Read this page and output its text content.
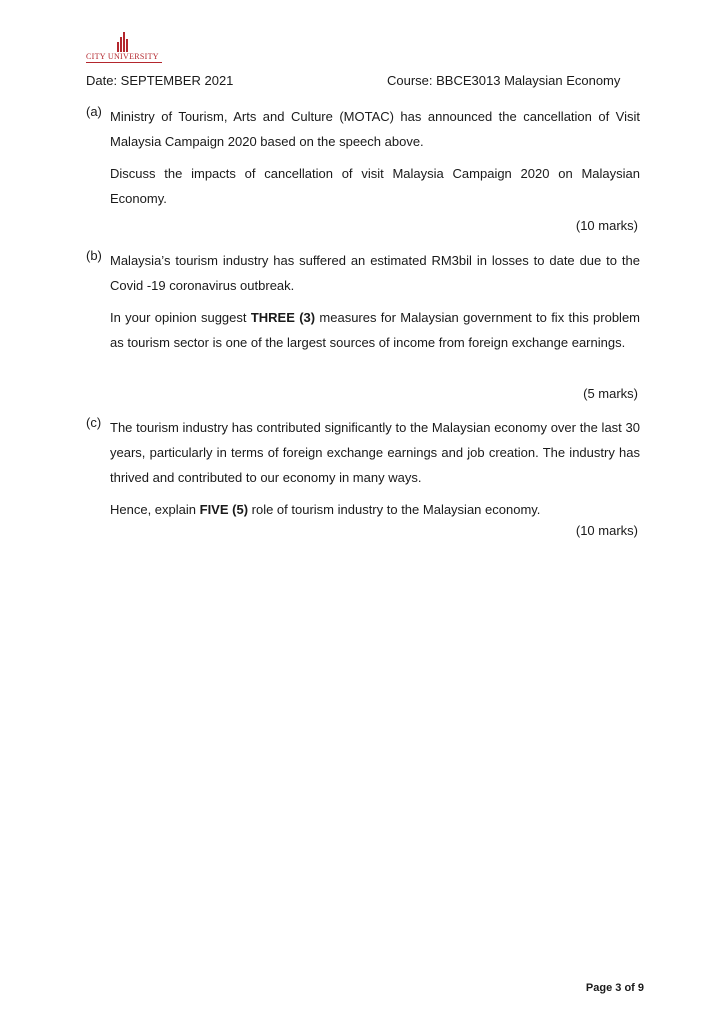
CITY UNIVERSITY
Date: SEPTEMBER 2021	Course: BBCE3013 Malaysian Economy
(a) Ministry of Tourism, Arts and Culture (MOTAC) has announced the cancellation of Visit Malaysia Campaign 2020 based on the speech above.

Discuss the impacts of cancellation of visit Malaysia Campaign 2020 on Malaysian Economy.

(10 marks)
(b) Malaysia’s tourism industry has suffered an estimated RM3bil in losses to date due to the Covid -19 coronavirus outbreak.

In your opinion suggest THREE (3) measures for Malaysian government to fix this problem as tourism sector is one of the largest sources of income from foreign exchange earnings.

(5 marks)
(c) The tourism industry has contributed significantly to the Malaysian economy over the last 30 years, particularly in terms of foreign exchange earnings and job creation. The industry has thrived and contributed to our economy in many ways.

Hence, explain FIVE (5) role of tourism industry to the Malaysian economy.

(10 marks)
Page 3 of 9
